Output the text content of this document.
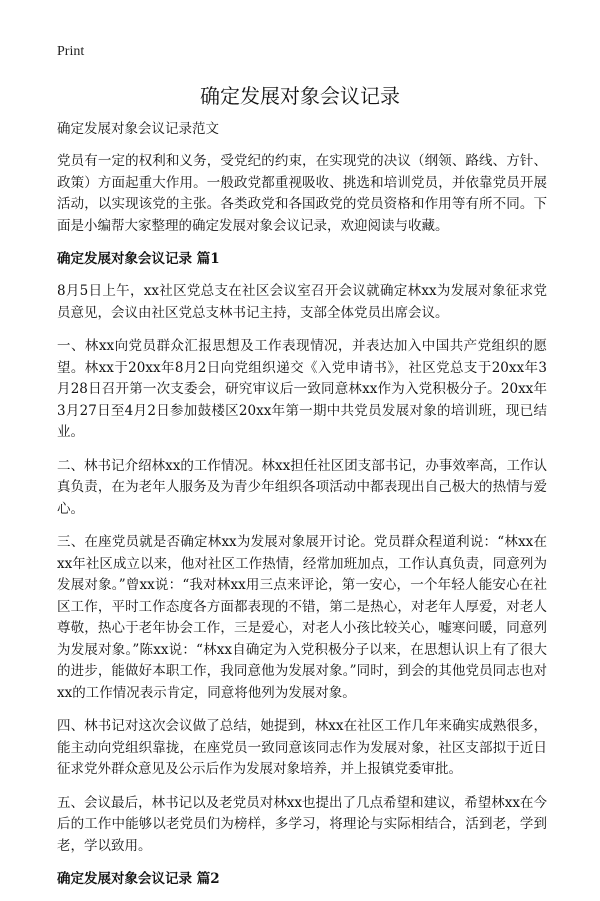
Print
确定发展对象会议记录

确定发展对象会议记录范文

党员有一定的权利和义务，受党纪的约束，在实现党的决议（纲领、路线、方针、政策）方面起重大作用。一般政党都重视吸收、挑选和培训党员，并依靠党员开展活动，以实现该党的主张。各类政党和各国政党的党员资格和作用等有所不同。下面是小编帮大家整理的确定发展对象会议记录，欢迎阅读与收藏。

确定发展对象会议记录 篇1

8月5日上午，xx社区党总支在社区会议室召开会议就确定林xx为发展对象征求党员意见，会议由社区党总支林书记主持，支部全体党员出席会议。

一、林xx向党员群众汇报思想及工作表现情况，并表达加入中国共产党组织的愿望。林xx于20xx年8月2日向党组织递交《入党申请书》，社区党总支于20xx年3月28日召开第一次支委会，研究审议后一致同意林xx作为入党积极分子。20xx年3月27日至4月2日参加鼓楼区20xx年第一期中共党员发展对象的培训班，现已结业。

二、林书记介绍林xx的工作情况。林xx担任社区团支部书记，办事效率高，工作认真负责，在为老年人服务及为青少年组织各项活动中都表现出自己极大的热情与爱心。

三、在座党员就是否确定林xx为发展对象展开讨论。党员群众程道利说：“林xx在xx年社区成立以来，他对社区工作热情，经常加班加点，工作认真负责，同意列为发展对象。”曾xx说：“我对林xx用三点来评论，第一安心，一个年轻人能安心在社区工作，平时工作态度各方面都表现的不错，第二是热心，对老年人厚爱，对老人尊敬，热心于老年协会工作，三是爱心，对老人小孩比较关心，嘘寒问暖，同意列为发展对象。”陈xx说：“林xx自确定为入党积极分子以来，在思想认识上有了很大的进步，能做好本职工作，我同意他为发展对象。”同时，到会的其他党员同志也对xx的工作情况表示肯定，同意将他列为发展对象。

四、林书记对这次会议做了总结，她提到，林xx在社区工作几年来确实成熟很多，能主动向党组织靠拢，在座党员一致同意该同志作为发展对象，社区支部拟于近日征求党外群众意见及公示后作为发展对象培养，并上报镇党委审批。

五、会议最后，林书记以及老党员对林xx也提出了几点希望和建议，希望林xx在今后的工作中能够以老党员们为榜样，多学习，将理论与实际相结合，活到老，学到老，学以致用。

确定发展对象会议记录 篇2
